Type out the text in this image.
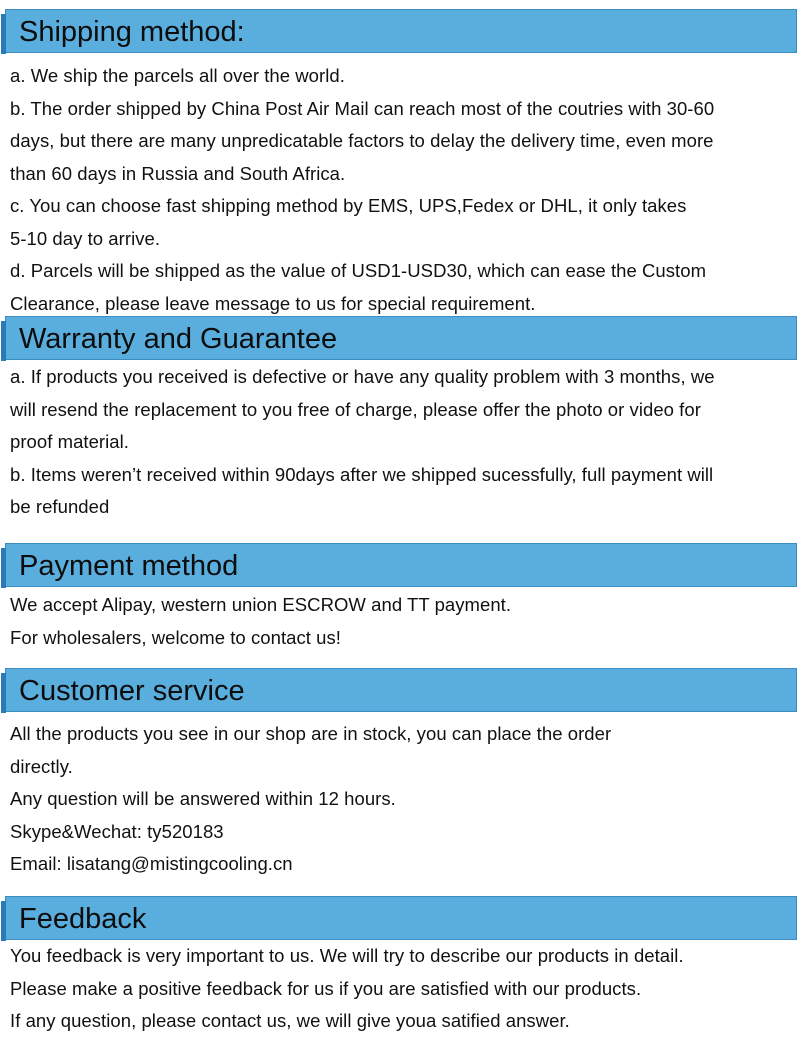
Shipping method:
a. We ship the parcels all over the world.
b. The order shipped by China Post Air Mail can reach most of the coutries with 30-60
days, but there are many unpredicatable factors to delay the delivery time, even more
than 60 days in Russia and South Africa.
c. You can choose fast shipping method by EMS, UPS,Fedex or DHL, it only takes
5-10 day to arrive.
d. Parcels will be shipped as the value of USD1-USD30, which can ease the Custom
Clearance, please leave message to us for special requirement.
Warranty and Guarantee
a. If products you received is defective or have any quality problem with 3 months, we
will resend the replacement to you free of charge, please offer the photo or video for
proof material.
b. Items weren’t received within 90days after we shipped sucessfully, full payment will
be refunded
Payment method
We accept Alipay, western union ESCROW and TT payment.
For wholesalers, welcome to contact us!
Customer service
All the products you see in our shop are in stock, you can place the order
directly.
Any question will be answered within 12 hours.
Skype&Wechat: ty520183
Email: lisatang@mistingcooling.cn
Feedback
You feedback is very important to us. We will try to describe our products in detail.
Please make a positive feedback for us if you are satisfied with our products.
If any question, please contact us, we will give youa satified answer.
